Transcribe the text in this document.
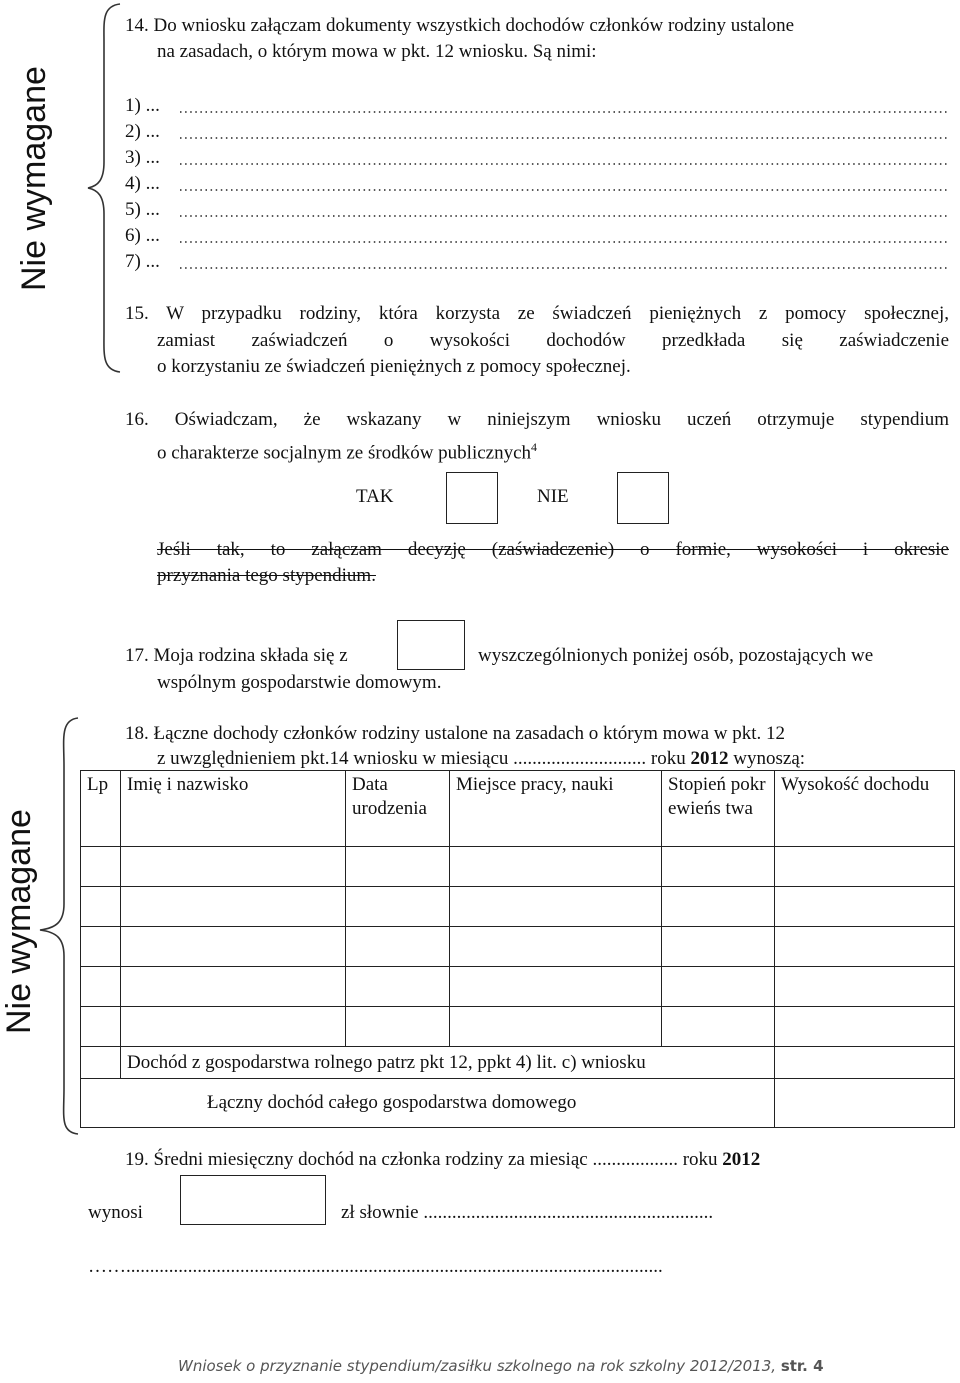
Nie wymagane
Nie wymagane
14. Do wniosku załączam dokumenty wszystkich dochodów członków rodziny ustalone
na zasadach, o którym mowa w pkt. 12 wniosku. Są nimi:
1) ...
2) ...
3) ...
4) ...
5) ...
6) ...
7) ...
15. W przypadku rodziny, która korzysta ze świadczeń pieniężnych z pomocy społecznej,
zamiast zaświadczeń o wysokości dochodów przedkłada się zaświadczenie
o korzystaniu ze świadczeń pieniężnych z pomocy społecznej.
16. Oświadczam, że wskazany w niniejszym wniosku uczeń otrzymuje stypendium
o charakterze socjalnym ze środków publicznych$^4$
TAK	NIE
Jeśli tak, to załączam decyzję (zaświadczenie) o formie, wysokości i okresie
przyznania tego stypendium.
17. Moja rodzina składa się z	wyszczególnionych poniżej osób, pozostających we
wspólnym gospodarstwie domowym.
18. Łączne dochody członków rodziny ustalone na zasadach o którym mowa w pkt. 12
z uwzględnieniem pkt.14 wniosku w miesiącu ............................ roku 2012 wynoszą:
Lp	Imię i nazwisko	Data urodzenia	Miejsce pracy, nauki	Stopień pokrewieńs twa	Wysokość dochodu

	Dochód z gospodarstwa rolnego patrz pkt 12, ppkt 4) lit. c) wniosku				
Łączny dochód całego gospodarstwa domowego					
19. Średni miesięczny dochód na członka rodziny za miesiąc .................. roku 2012
wynosi	zł słownie .............................................................
…….................................................................................................................
Wniosek o przyznanie stypendium/zasiłku szkolnego na rok szkolny 2012/2013, str. 4
